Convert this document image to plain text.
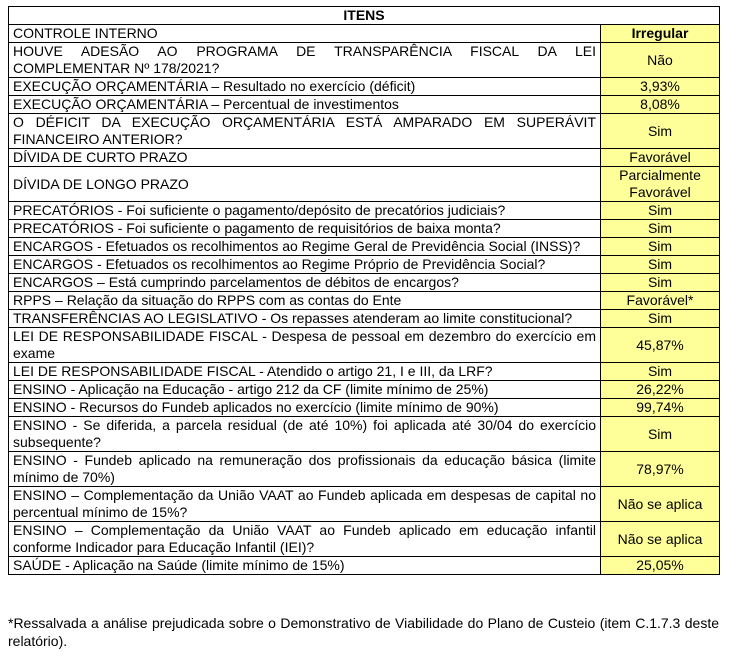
ITENS	
CONTROLE INTERNO	Irregular
HOUVE ADESÃO AO PROGRAMA DE TRANSPARÊNCIA FISCAL DA LEI COMPLEMENTAR Nº 178/2021?	Não
EXECUÇÃO ORÇAMENTÁRIA – Resultado no exercício (déficit)	3,93%
EXECUÇÃO ORÇAMENTÁRIA – Percentual de investimentos	8,08%
O DÉFICIT DA EXECUÇÃO ORÇAMENTÁRIA ESTÁ AMPARADO EM SUPERÁVIT FINANCEIRO ANTERIOR?	Sim
DÍVIDA DE CURTO PRAZO	Favorável
DÍVIDA DE LONGO PRAZO	Parcialmente Favorável
PRECATÓRIOS - Foi suficiente o pagamento/depósito de precatórios judiciais?	Sim
PRECATÓRIOS - Foi suficiente o pagamento de requisitórios de baixa monta?	Sim
ENCARGOS - Efetuados os recolhimentos ao Regime Geral de Previdência Social (INSS)?	Sim
ENCARGOS - Efetuados os recolhimentos ao Regime Próprio de Previdência Social?	Sim
ENCARGOS – Está cumprindo parcelamentos de débitos de encargos?	Sim
RPPS – Relação da situação do RPPS com as contas do Ente	Favorável*
TRANSFERÊNCIAS AO LEGISLATIVO - Os repasses atenderam ao limite constitucional?	Sim
LEI DE RESPONSABILIDADE FISCAL - Despesa de pessoal em dezembro do exercício em exame	45,87%
LEI DE RESPONSABILIDADE FISCAL - Atendido o artigo 21, I e III, da LRF?	Sim
ENSINO - Aplicação na Educação - artigo 212 da CF (limite mínimo de 25%)	26,22%
ENSINO - Recursos do Fundeb aplicados no exercício (limite mínimo de 90%)	99,74%
ENSINO - Se diferida, a parcela residual (de até 10%) foi aplicada até 30/04 do exercício subsequente?	Sim
ENSINO - Fundeb aplicado na remuneração dos profissionais da educação básica (limite mínimo de 70%)	78,97%
ENSINO – Complementação da União VAAT ao Fundeb aplicada em despesas de capital no percentual mínimo de 15%?	Não se aplica
ENSINO – Complementação da União VAAT ao Fundeb aplicado em educação infantil conforme Indicador para Educação Infantil (IEI)?	Não se aplica
SAÚDE - Aplicação na Saúde (limite mínimo de 15%)	25,05%
*Ressalvada a análise prejudicada sobre o Demonstrativo de Viabilidade do Plano de Custeio (item C.1.7.3 deste relatório).
